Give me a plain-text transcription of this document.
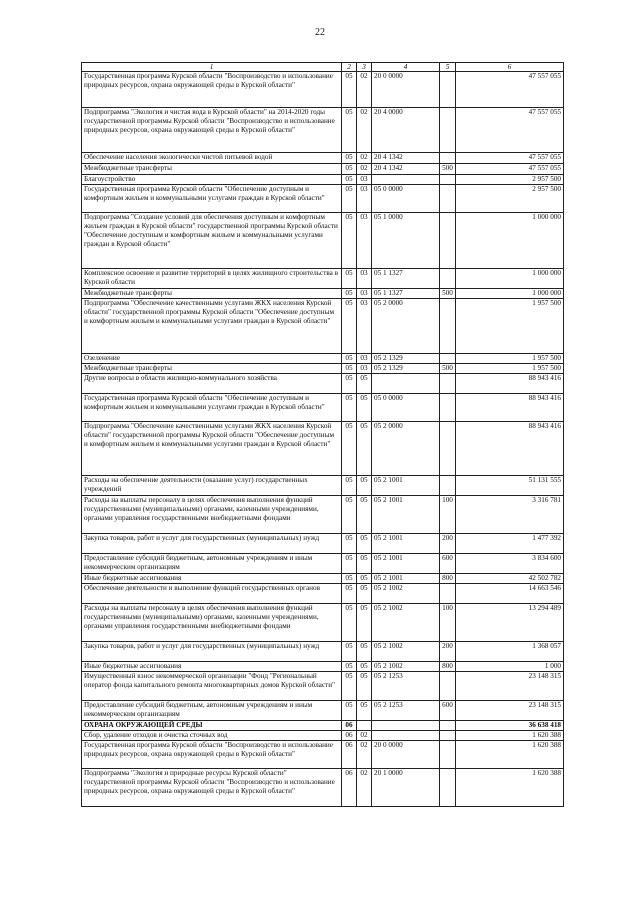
22
1	2	3	4	5	6
Государственная программа Курской области "Воспроизводство и использование природных ресурсов, охрана окружающей среды в Курской области"	05	02	20 0 0000		47 557 055
Подпрограмма "Экология и чистая вода в Курской области" на 2014-2020 годы государственной программы Курской области "Воспроизводство и использование природных ресурсов, охрана окружающей среды в Курской области"	05	02	20 4 0000		47 557 055
Обеспечение населения экологически чистой питьевой водой	05	02	20 4 1342		47 557 055
Межбюджетные трансферты	05	02	20 4 1342	500	47 557 055
Благоустройство	05	03			2 957 500
Государственная программа Курской области "Обеспечение доступным и комфортным жильем и коммунальными услугами граждан в Курской области"	05	03	05 0 0000		2 957 500
Подпрограмма "Создание условий для обеспечения доступным и комфортным жильем граждан в Курской области" государственной программы Курской области "Обеспечение доступным и комфортным жильем и коммунальными услугами граждан в Курской области"	05	03	05 1 0000		1 000 000
Комплексное освоение и развитие территорий в целях жилищного строительства в Курской области	05	03	05 1 1327		1 000 000
Межбюджетные трансферты	05	03	05 1 1327	500	1 000 000
Подпрограмма "Обеспечение качественными услугами ЖКХ населения Курской области" государственной программы Курской области "Обеспечение доступным и комфортным жильем и коммунальными услугами граждан в Курской области"	05	03	05 2 0000		1 957 500
Озеленение	05	03	05 2 1329		1 957 500
Межбюджетные трансферты	05	03	05 2 1329	500	1 957 500
Другие вопросы в области жилищно-коммунального хозяйства	05	05			88 943 416
Государственная программа Курской области "Обеспечение доступным и комфортным жильем и коммунальными услугами граждан в Курской области"	05	05	05 0 0000		88 943 416
Подпрограмма "Обеспечение качественными услугами ЖКХ населения Курской области" государственной программы Курской области "Обеспечение доступным и комфортным жильем и коммунальными услугами граждан в Курской области"	05	05	05 2 0000		88 943 416
Расходы на обеспечение деятельности (оказание услуг) государственных учреждений	05	05	05 2 1001		51 131 555
Расходы на выплаты персоналу в целях обеспечения выполнения функций государственными (муниципальными) органами, казенными учреждениями, органами управления государственными внебюджетными фондами	05	05	05 2 1001	100	3 316 781
Закупка товаров, работ и услуг для государственных (муниципальных) нужд	05	05	05 2 1001	200	1 477 392
Предоставление субсидий бюджетным, автономным учреждениям и иным некоммерческим организациям	05	05	05 2 1001	600	3 834 600
Иные бюджетные ассигнования	05	05	05 2 1001	800	42 502 782
Обеспечение деятельности и выполнение функций государственных органов	05	05	05 2 1002		14 663 546
Расходы на выплаты персоналу в целях обеспечения выполнения функций государственными (муниципальными) органами, казенными учреждениями, органами управления государственными внебюджетными фондами	05	05	05 2 1002	100	13 294 489
Закупка товаров, работ и услуг для государственных (муниципальных) нужд	05	05	05 2 1002	200	1 368 057
Иные бюджетные ассигнования	05	05	05 2 1002	800	1 000
Имущественный взнос некоммерческой организации "Фонд "Региональный оператор фонда капитального ремонта многоквартирных домов Курской области"	05	05	05 2 1253		23 148 315
Предоставление субсидий бюджетным, автономным учреждениям и иным некоммерческим организациям	05	05	05 2 1253	600	23 148 315
ОХРАНА ОКРУЖАЮЩЕЙ СРЕДЫ	06				36 638 418
Сбор, удаление отходов и очистка сточных вод	06	02			1 620 388
Государственная программа Курской области "Воспроизводство и использование природных ресурсов, охрана окружающей среды в Курской области"	06	02	20 0 0000		1 620 388
Подпрограмма "Экология и природные ресурсы Курской области" государственной программы Курской области "Воспроизводство и использование природных ресурсов, охрана окружающей среды в Курской области"	06	02	20 1 0000		1 620 388
